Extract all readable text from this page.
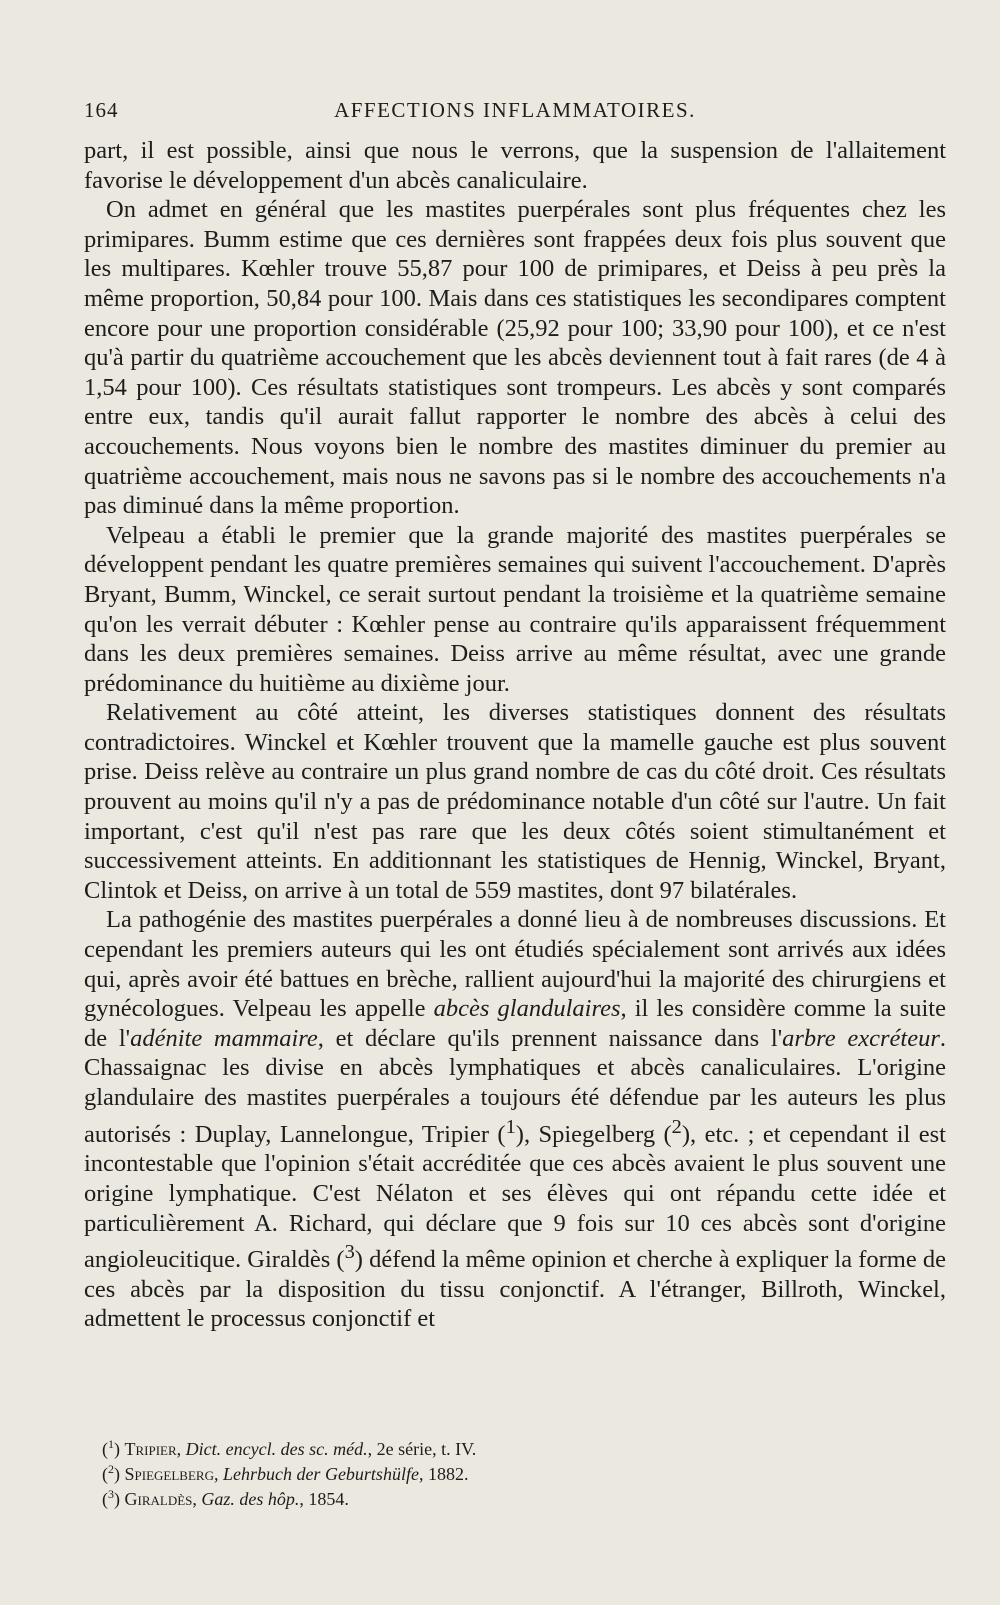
164	AFFECTIONS INFLAMMATOIRES.

part, il est possible, ainsi que nous le verrons, que la suspension de l'allaitement favorise le développement d'un abcès canaliculaire.

On admet en général que les mastites puerpérales sont plus fréquentes chez les primipares. Bumm estime que ces dernières sont frappées deux fois plus souvent que les multipares. Kœhler trouve 55,87 pour 100 de primipares, et Deiss à peu près la même proportion, 50,84 pour 100. Mais dans ces statistiques les secondipares comptent encore pour une proportion considérable (25,92 pour 100; 33,90 pour 100), et ce n'est qu'à partir du quatrième accouchement que les abcès deviennent tout à fait rares (de 4 à 1,54 pour 100). Ces résultats statistiques sont trompeurs. Les abcès y sont comparés entre eux, tandis qu'il aurait fallut rapporter le nombre des abcès à celui des accouchements. Nous voyons bien le nombre des mastites diminuer du premier au quatrième accouchement, mais nous ne savons pas si le nombre des accouchements n'a pas diminué dans la même proportion.

Velpeau a établi le premier que la grande majorité des mastites puerpérales se développent pendant les quatre premières semaines qui suivent l'accouchement. D'après Bryant, Bumm, Winckel, ce serait surtout pendant la troisième et la quatrième semaine qu'on les verrait débuter : Kœhler pense au contraire qu'ils apparaissent fréquemment dans les deux premières semaines. Deiss arrive au même résultat, avec une grande prédominance du huitième au dixième jour.

Relativement au côté atteint, les diverses statistiques donnent des résultats contradictoires. Winckel et Kœhler trouvent que la mamelle gauche est plus souvent prise. Deiss relève au contraire un plus grand nombre de cas du côté droit. Ces résultats prouvent au moins qu'il n'y a pas de prédominance notable d'un côté sur l'autre. Un fait important, c'est qu'il n'est pas rare que les deux côtés soient stimultanément et successivement atteints. En additionnant les statistiques de Hennig, Winckel, Bryant, Clintok et Deiss, on arrive à un total de 559 mastites, dont 97 bilatérales.

La pathogénie des mastites puerpérales a donné lieu à de nombreuses discussions. Et cependant les premiers auteurs qui les ont étudiés spécialement sont arrivés aux idées qui, après avoir été battues en brèche, rallient aujourd'hui la majorité des chirurgiens et gynécologues. Velpeau les appelle abcès glandulaires, il les considère comme la suite de l'adénite mammaire, et déclare qu'ils prennent naissance dans l'arbre excréteur. Chassaignac les divise en abcès lymphatiques et abcès canaliculaires. L'origine glandulaire des mastites puerpérales a toujours été défendue par les auteurs les plus autorisés : Duplay, Lannelongue, Tripier ($^1$), Spiegelberg ($^2$), etc. ; et cependant il est incontestable que l'opinion s'était accréditée que ces abcès avaient le plus souvent une origine lymphatique. C'est Nélaton et ses élèves qui ont répandu cette idée et particulièrement A. Richard, qui déclare que 9 fois sur 10 ces abcès sont d'origine angioleucitique. Giraldès ($^3$) défend la même opinion et cherche à expliquer la forme de ces abcès par la disposition du tissu conjonctif. A l'étranger, Billroth, Winckel, admettent le processus conjonctif et

($^1$) Tripier, Dict. encycl. des sc. méd., 2e série, t. IV.
($^2$) Spiegelberg, Lehrbuch der Geburtshülfe, 1882.
($^3$) Giraldès, Gaz. des hôp., 1854.
